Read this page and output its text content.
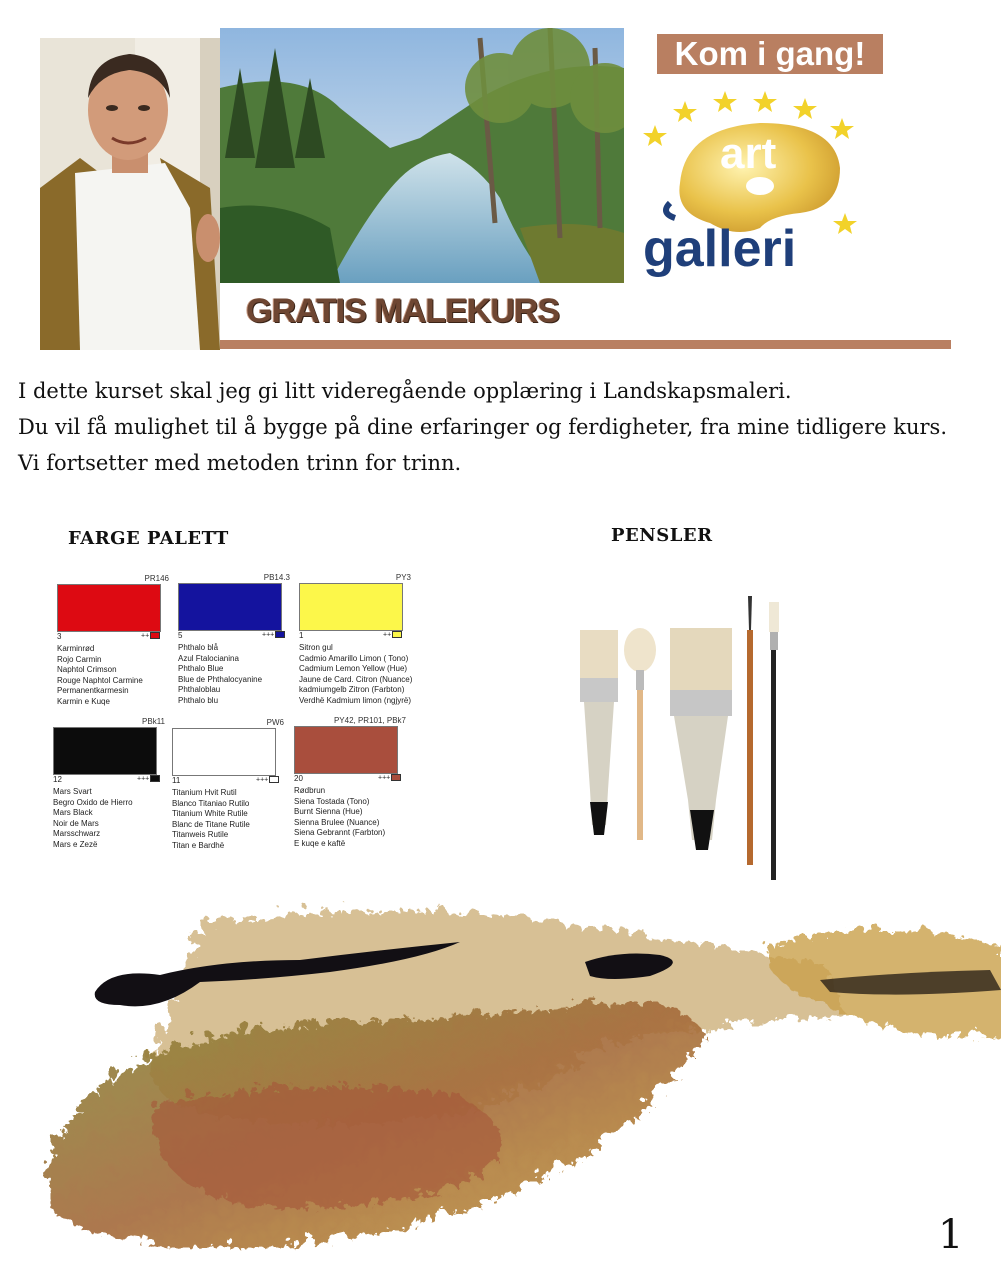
GRATIS MALEKURS
Kom i gang!
art
galleri
I dette kurset skal jeg gi litt videregående opplæring i Landskapsmaleri.
Du vil få mulighet til å bygge på dine erfaringer og ferdigheter, fra mine tidligere kurs.
Vi fortsetter med metoden trinn for trinn.
FARGE PALETT	PENSLER
PR146
3	++
Karminrød
Rojo Carmin
Naphtol Crimson
Rouge Naphtol Carmine
Permanentkarmesin
Karmin e Kuqe
PB14.3
5	+++
Phthalo blå
Azul Ftalocianina
Phthalo Blue
Blue de Phthalocyanine
Phthaloblau
Phthalo blu
PY3
1	++
Sitron gul
Cadmio Amarillo Limon ( Tono)
Cadmium Lemon Yellow (Hue)
Jaune de Card. Citron (Nuance)
kadmiumgelb Zitron (Farbton)
Verdhë Kadmium limon (ngjyrë)
PBk11
12	+++
Mars Svart
Begro Oxido de Hierro
Mars Black
Noir de Mars
Marsschwarz
Mars e Zezë
PW6
11	+++
Titanium Hvit Rutil
Blanco Titaniao Rutilo
Titanium White Rutile
Blanc de Titane Rutile
Titanweis Rutile
Titan e Bardhë
PY42, PR101, PBk7
20	+++
Rødbrun
Siena Tostada (Tono)
Burnt Sienna (Hue)
Sienna Brulee (Nuance)
Siena Gebrannt (Farbton)
E kuqe e kaftë
1
